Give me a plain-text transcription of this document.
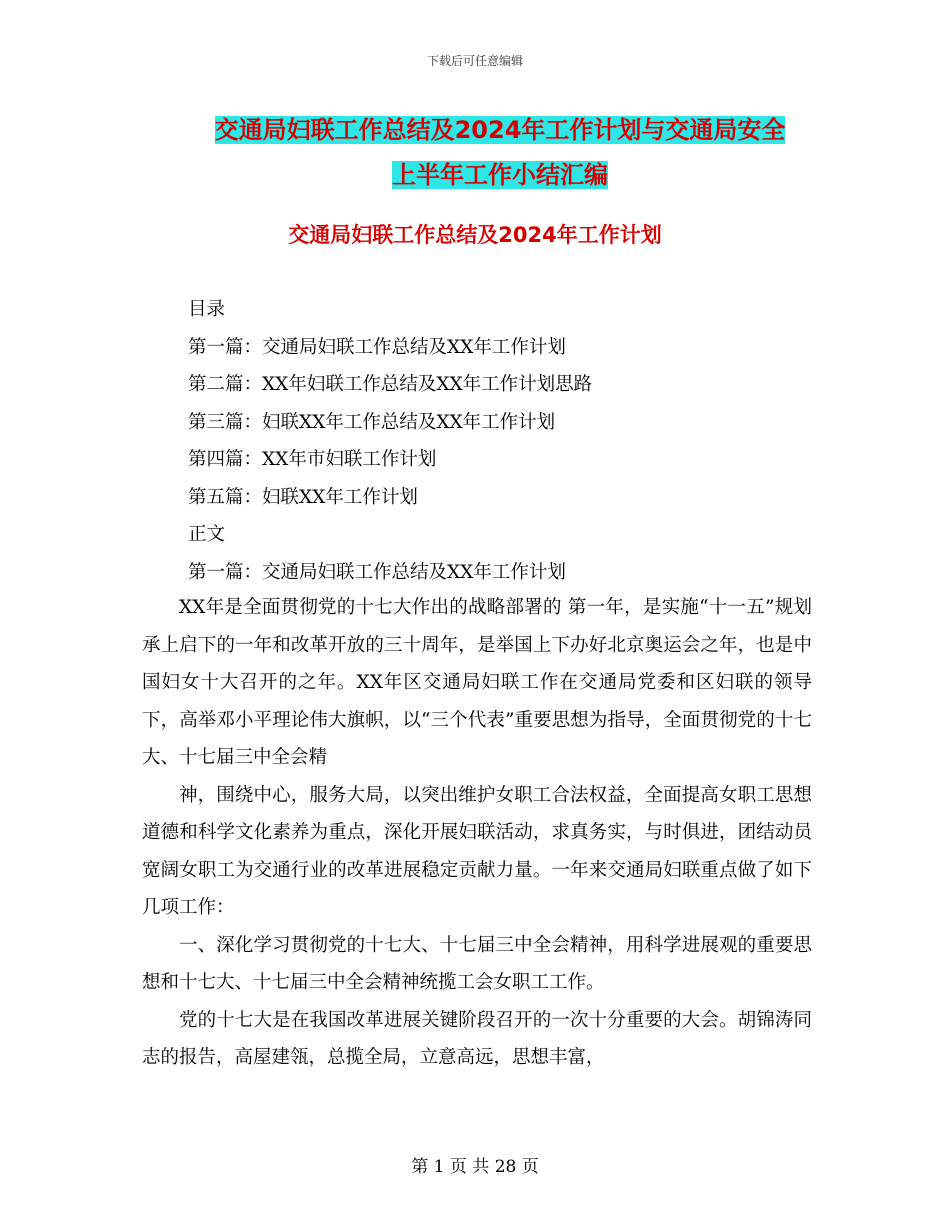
下载后可任意编辑
交通局妇联工作总结及2024年工作计划与交通局安全
上半年工作小结汇编
交通局妇联工作总结及2024年工作计划
目录
第一篇：交通局妇联工作总结及XX年工作计划
第二篇：XX年妇联工作总结及XX年工作计划思路
第三篇：妇联XX年工作总结及XX年工作计划
第四篇：XX年市妇联工作计划
第五篇：妇联XX年工作计划
正文
第一篇：交通局妇联工作总结及XX年工作计划

XX年是全面贯彻党的十七大作出的战略部署的 第一年，是实施“十一五”规划承上启下的一年和改革开放的三十周年，是举国上下办好北京奥运会之年，也是中国妇女十大召开的之年。XX年区交通局妇联工作在交通局党委和区妇联的领导下，高举邓小平理论伟大旗帜，以“三个代表”重要思想为指导，全面贯彻党的十七大、十七届三中全会精

神，围绕中心，服务大局，以突出维护女职工合法权益，全面提高女职工思想道德和科学文化素养为重点，深化开展妇联活动，求真务实，与时俱进，团结动员宽阔女职工为交通行业的改革进展稳定贡献力量。一年来交通局妇联重点做了如下几项工作：

一、深化学习贯彻党的十七大、十七届三中全会精神，用科学进展观的重要思想和十七大、十七届三中全会精神统揽工会女职工工作。

党的十七大是在我国改革进展关键阶段召开的一次十分重要的大会。胡锦涛同志的报告，高屋建瓴，总揽全局，立意高远，思想丰富，

第 1 页 共 28 页
